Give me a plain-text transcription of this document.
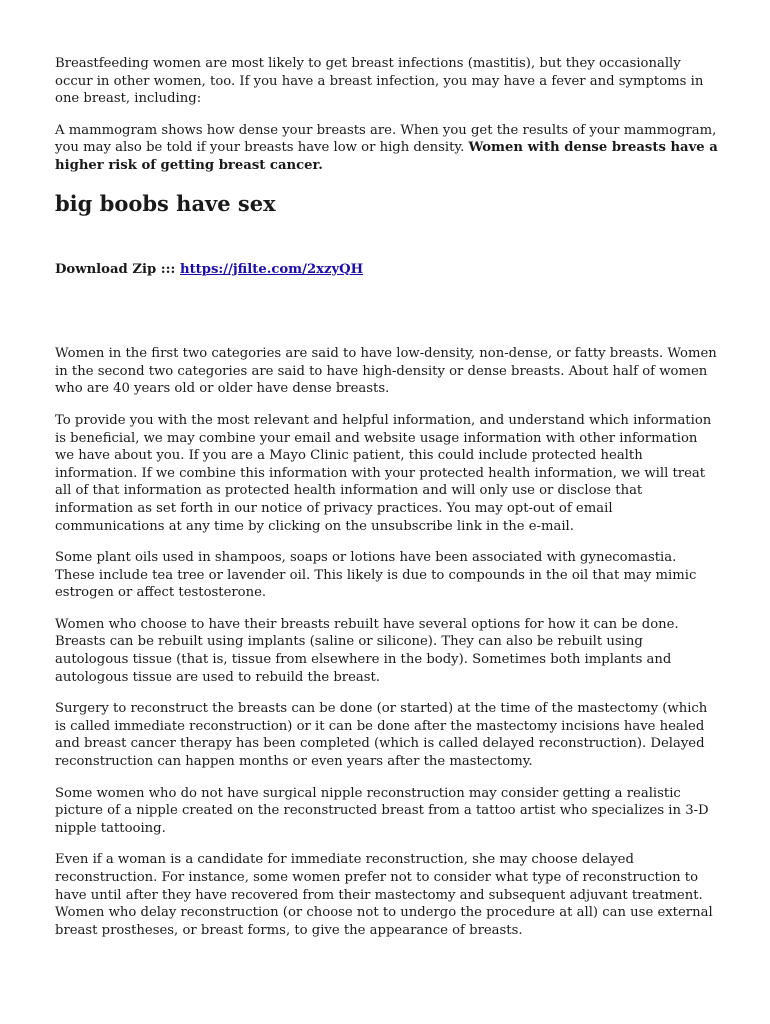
Breastfeeding women are most likely to get breast infections (mastitis), but they occasionally occur in other women, too. If you have a breast infection, you may have a fever and symptoms in one breast, including:

A mammogram shows how dense your breasts are. When you get the results of your mammogram, you may also be told if your breasts have low or high density. Women with dense breasts have a higher risk of getting breast cancer.

big boobs have sex
Download Zip ::: https://jfilte.com/2xzyQH

Women in the first two categories are said to have low-density, non-dense, or fatty breasts. Women in the second two categories are said to have high-density or dense breasts. About half of women who are 40 years old or older have dense breasts.

To provide you with the most relevant and helpful information, and understand which information is beneficial, we may combine your email and website usage information with other information we have about you. If you are a Mayo Clinic patient, this could include protected health information. If we combine this information with your protected health information, we will treat all of that information as protected health information and will only use or disclose that information as set forth in our notice of privacy practices. You may opt-out of email communications at any time by clicking on the unsubscribe link in the e-mail.

Some plant oils used in shampoos, soaps or lotions have been associated with gynecomastia. These include tea tree or lavender oil. This likely is due to compounds in the oil that may mimic estrogen or affect testosterone.

Women who choose to have their breasts rebuilt have several options for how it can be done. Breasts can be rebuilt using implants (saline or silicone). They can also be rebuilt using autologous tissue (that is, tissue from elsewhere in the body). Sometimes both implants and autologous tissue are used to rebuild the breast.

Surgery to reconstruct the breasts can be done (or started) at the time of the mastectomy (which is called immediate reconstruction) or it can be done after the mastectomy incisions have healed and breast cancer therapy has been completed (which is called delayed reconstruction). Delayed reconstruction can happen months or even years after the mastectomy.

Some women who do not have surgical nipple reconstruction may consider getting a realistic picture of a nipple created on the reconstructed breast from a tattoo artist who specializes in 3-D nipple tattooing.

Even if a woman is a candidate for immediate reconstruction, she may choose delayed reconstruction. For instance, some women prefer not to consider what type of reconstruction to have until after they have recovered from their mastectomy and subsequent adjuvant treatment. Women who delay reconstruction (or choose not to undergo the procedure at all) can use external breast prostheses, or breast forms, to give the appearance of breasts.
